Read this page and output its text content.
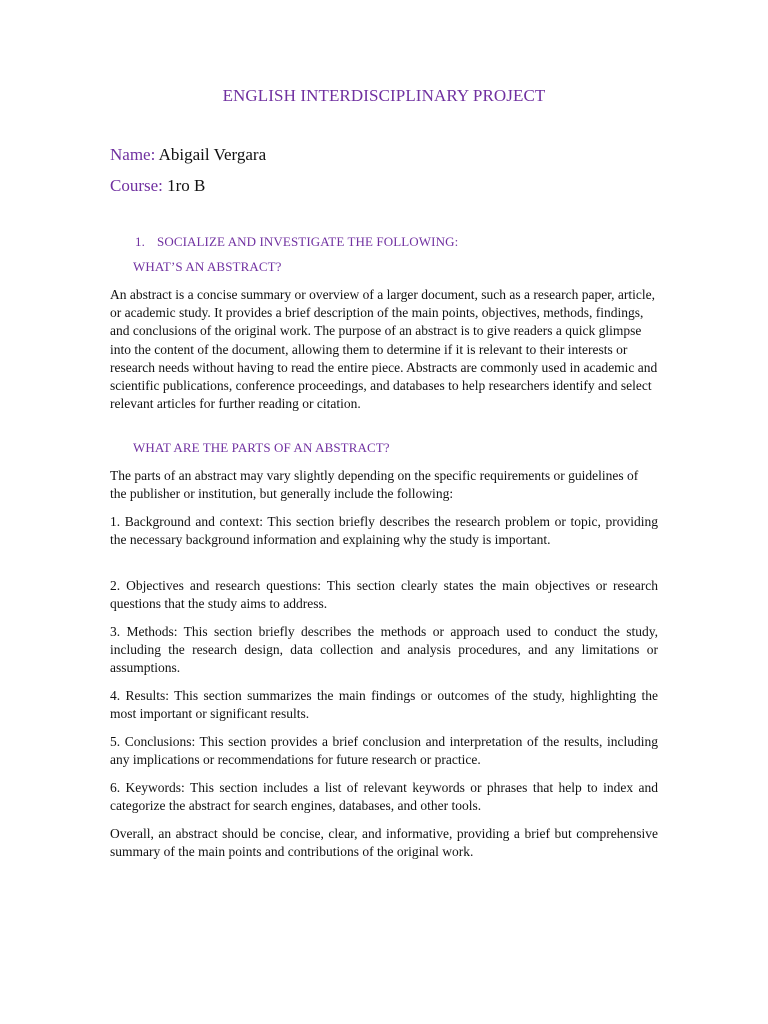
ENGLISH INTERDISCIPLINARY PROJECT
Name: Abigail Vergara
Course: 1ro B
1. SOCIALIZE AND INVESTIGATE THE FOLLOWING:
WHAT’S AN ABSTRACT?

An abstract is a concise summary or overview of a larger document, such as a research paper, article, or academic study. It provides a brief description of the main points, objectives, methods, findings, and conclusions of the original work. The purpose of an abstract is to give readers a quick glimpse into the content of the document, allowing them to determine if it is relevant to their interests or research needs without having to read the entire piece. Abstracts are commonly used in academic and scientific publications, conference proceedings, and databases to help researchers identify and select relevant articles for further reading or citation.

WHAT ARE THE PARTS OF AN ABSTRACT?

The parts of an abstract may vary slightly depending on the specific requirements or guidelines of the publisher or institution, but generally include the following:

1. Background and context: This section briefly describes the research problem or topic, providing the necessary background information and explaining why the study is important.

2. Objectives and research questions: This section clearly states the main objectives or research questions that the study aims to address.

3. Methods: This section briefly describes the methods or approach used to conduct the study, including the research design, data collection and analysis procedures, and any limitations or assumptions.

4. Results: This section summarizes the main findings or outcomes of the study, highlighting the most important or significant results.

5. Conclusions: This section provides a brief conclusion and interpretation of the results, including any implications or recommendations for future research or practice.

6. Keywords: This section includes a list of relevant keywords or phrases that help to index and categorize the abstract for search engines, databases, and other tools.

Overall, an abstract should be concise, clear, and informative, providing a brief but comprehensive summary of the main points and contributions of the original work.
